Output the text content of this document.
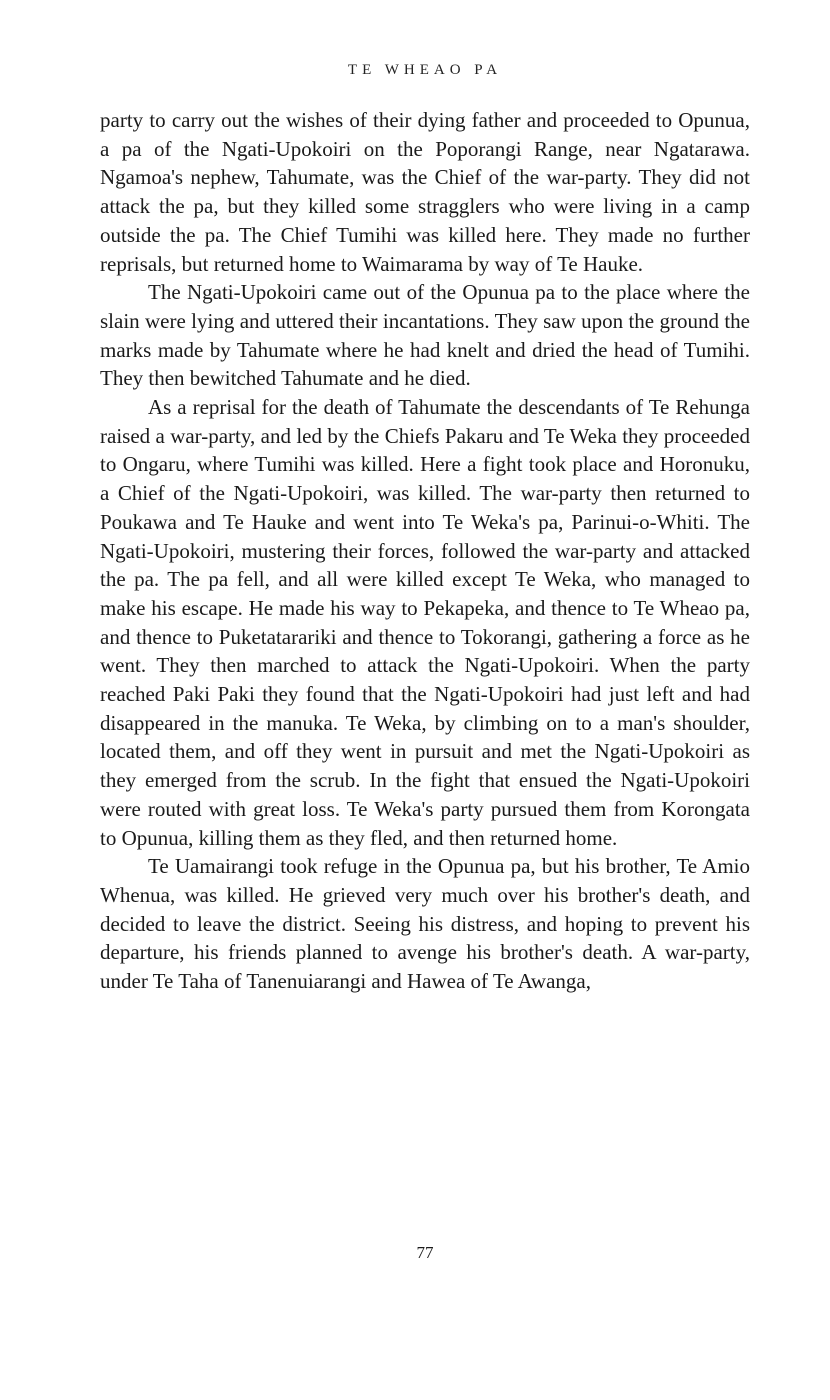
TE WHEAO PA

party to carry out the wishes of their dying father and proceeded to Opunua, a pa of the Ngati-Upokoiri on the Poporangi Range, near Ngatarawa. Ngamoa's nephew, Tahumate, was the Chief of the war-party. They did not attack the pa, but they killed some stragglers who were living in a camp outside the pa. The Chief Tumihi was killed here. They made no further reprisals, but returned home to Waimarama by way of Te Hauke.

The Ngati-Upokoiri came out of the Opunua pa to the place where the slain were lying and uttered their incantations. They saw upon the ground the marks made by Tahumate where he had knelt and dried the head of Tumihi. They then bewitched Tahumate and he died.

As a reprisal for the death of Tahumate the descendants of Te Rehunga raised a war-party, and led by the Chiefs Pakaru and Te Weka they proceeded to Ongaru, where Tumihi was killed. Here a fight took place and Horonuku, a Chief of the Ngati-Upokoiri, was killed. The war-party then returned to Poukawa and Te Hauke and went into Te Weka's pa, Parinui-o-Whiti. The Ngati-Upokoiri, mustering their forces, followed the war-party and attacked the pa. The pa fell, and all were killed except Te Weka, who managed to make his escape. He made his way to Pekapeka, and thence to Te Wheao pa, and thence to Puketatarariki and thence to Tokorangi, gathering a force as he went. They then marched to attack the Ngati-Upokoiri. When the party reached Paki Paki they found that the Ngati-Upokoiri had just left and had disappeared in the manuka. Te Weka, by climbing on to a man's shoulder, located them, and off they went in pursuit and met the Ngati-Upokoiri as they emerged from the scrub. In the fight that ensued the Ngati-Upokoiri were routed with great loss. Te Weka's party pursued them from Korongata to Opunua, killing them as they fled, and then returned home.

Te Uamairangi took refuge in the Opunua pa, but his brother, Te Amio Whenua, was killed. He grieved very much over his brother's death, and decided to leave the district. Seeing his distress, and hoping to prevent his departure, his friends planned to avenge his brother's death. A war-party, under Te Taha of Tanenuiarangi and Hawea of Te Awanga,

77
